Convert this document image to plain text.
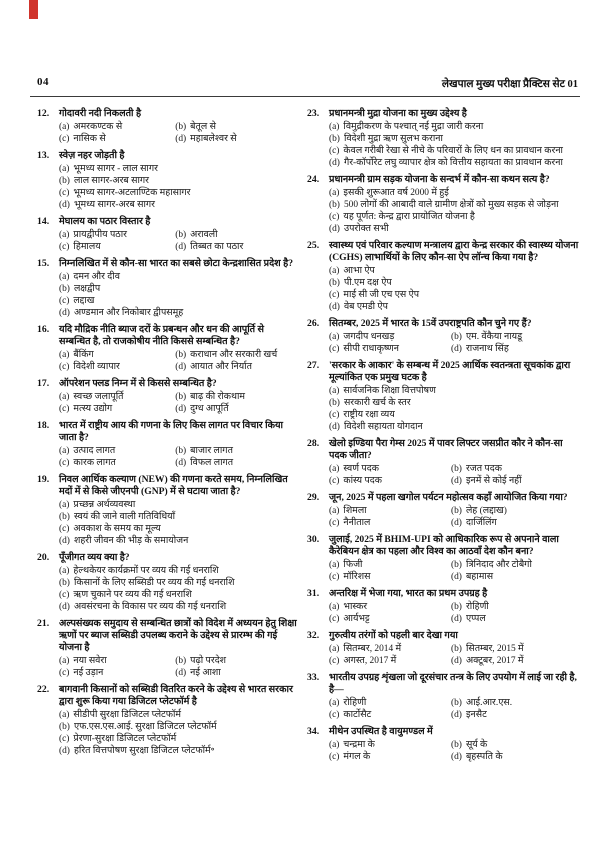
04	लेखपाल मुख्य परीक्षा प्रैक्टिस सेट 01
12.	गोदावरी नदी निकलती है
(a) अमरकण्टक से	(b) बेतूल से
(c) नासिक से	(d) महाबलेश्वर से
13.	स्वेज़ नहर जोड़ती है
(a) भूमध्य सागर - लाल सागर
(b) लाल सागर-अरब सागर
(c) भूमध्य सागर-अटलाण्टिक महासागर
(d) भूमध्य सागर-अरब सागर
14.	मेघालय का पठार विस्तार है
(a) प्रायद्वीपीय पठार	(b) अरावली
(c) हिमालय	(d) तिब्बत का पठार
15.	निम्नलिखित में से कौन-सा भारत का सबसे छोटा केन्द्रशासित प्रदेश है?
(a) दमन और दीव
(b) लक्षद्वीप
(c) लद्दाख
(d) अण्डमान और निकोबार द्वीपसमूह
16.	यदि मौद्रिक नीति ब्याज दरों के प्रबन्धन और धन की आपूर्ति से सम्बन्धित है, तो राजकोषीय नीति किससे सम्बन्धित है?
(a) बैंकिंग	(b) कराधान और सरकारी खर्च
(c) विदेशी व्यापार	(d) आयात और निर्यात
17.	ऑपरेशन फ्लड निम्न में से किससे सम्बन्धित है?
(a) स्वच्छ जलापूर्ति	(b) बाढ़ की रोकथाम
(c) मत्स्य उद्योग	(d) दुग्ध आपूर्ति
18.	भारत में राष्ट्रीय आय की गणना के लिए किस लागत पर विचार किया जाता है?
(a) उत्पाद लागत	(b) बाजार लागत
(c) कारक लागत	(d) विफल लागत
19.	निवल आर्थिक कल्याण (NEW) की गणना करते समय, निम्नलिखित मदों में से किसे जीएनपी (GNP) में से घटाया जाता है?
(a) प्रच्छन्न अर्थव्यवस्था
(b) स्वयं की जाने वाली गतिविधियाँ
(c) अवकाश के समय का मूल्य
(d) शहरी जीवन की भीड़ के समायोजन
20.	पूँजीगत व्यय क्या है?
(a) हेल्थकेयर कार्यक्रमों पर व्यय की गई धनराशि
(b) किसानों के लिए सब्सिडी पर व्यय की गई धनराशि
(c) ऋण चुकाने पर व्यय की गई धनराशि
(d) अवसंरचना के विकास पर व्यय की गई धनराशि
21.	अल्पसंख्यक समुदाय से सम्बन्धित छात्रों को विदेश में अध्ययन हेतु शिक्षा ऋणों पर ब्याज सब्सिडी उपलब्ध कराने के उद्देश्य से प्रारम्भ की गई योजना है
(a) नया सवेरा	(b) पढ़ो परदेश
(c) नई उड़ान	(d) नई आशा
22.	बागवानी किसानों को सब्सिडी वितरित करने के उद्देश्य से भारत सरकार द्वारा शुरू किया गया डिजिटल प्लेटफॉर्म है
(a) सीडीपी सुरक्षा डिजिटल प्लेटफॉर्म
(b) एफ.एस.एस.आई. सुरक्षा डिजिटल प्लेटफॉर्म
(c) प्रेरणा-सुरक्षा डिजिटल प्लेटफॉर्म
(d) हरित वित्तपोषण सुरक्षा डिजिटल प्लेटफॉर्म॰
23.	प्रधानमन्त्री मुद्रा योजना का मुख्य उद्देश्य है
(a) विमुद्रीकरण के पश्चात् नई मुद्रा जारी करना
(b) विदेशी मुद्रा ऋण सुलभ कराना
(c) केवल गरीबी रेखा से नीचे के परिवारों के लिए धन का प्रावधान करना
(d) गैर-कॉर्पोरेट लघु व्यापार क्षेत्र को वित्तीय सहायता का प्रावधान करना
24.	प्रधानमन्त्री ग्राम सड़क योजना के सन्दर्भ में कौन-सा कथन सत्य है?
(a) इसकी शुरूआत वर्ष 2000 में हुई
(b) 500 लोगों की आबादी वाले ग्रामीण क्षेत्रों को मुख्य सड़क से जोड़ना
(c) यह पूर्णत: केन्द्र द्वारा प्रायोजित योजना है
(d) उपरोक्त सभी
25.	स्वास्थ्य एवं परिवार कल्याण मन्त्रालय द्वारा केन्द्र सरकार की स्वास्थ्य योजना (CGHS) लाभार्थियों के लिए कौन-सा ऐप लॉन्च किया गया है?
(a) आभा ऐप
(b) पी.एम दक्ष ऐप
(c) माई सी जी एच एस ऐप
(d) वेब एमडी ऐप
26.	सितम्बर, 2025 में भारत के 15वें उपराष्ट्रपति कौन चुने गए हैं?
(a) जगदीप धनखड़	(b) एम. वेंकैया नायडू
(c) सीपी राधाकृष्णन	(d) राजनाथ सिंह
27.	'सरकार के आकार' के सम्बन्ध में 2025 आर्थिक स्वतन्त्रता सूचकांक द्वारा मूल्यांकित एक प्रमुख घटक है
(a) सार्वजनिक शिक्षा वित्तपोषण
(b) सरकारी खर्च के स्तर
(c) राष्ट्रीय रक्षा व्यय
(d) विदेशी सहायता योगदान
28.	खेलो इण्डिया पैरा गेम्स 2025 में पावर लिफ्टर जसप्रीत कौर ने कौन-सा पदक जीता?
(a) स्वर्ण पदक	(b) रजत पदक
(c) कांस्य पदक	(d) इनमें से कोई नहीं
29.	जून, 2025 में पहला खगोल पर्यटन महोत्सव कहाँ आयोजित किया गया?
(a) शिमला	(b) लेह (लद्दाख)
(c) नैनीताल	(d) दार्जिलिंग
30.	जुलाई, 2025 में BHIM-UPI को आधिकारिक रूप से अपनाने वाला कैरेबियन क्षेत्र का पहला और विश्व का आठवाँ देश कौन बना?
(a) फिजी	(b) त्रिनिदाद और टोबैगो
(c) मॉरिशस	(d) बहामास
31.	अन्तरिक्ष में भेजा गया, भारत का प्रथम उपग्रह है
(a) भास्कर	(b) रोहिणी
(c) आर्यभट्ट	(d) एप्पल
32.	गुरुत्वीय तरंगों को पहली बार देखा गया
(a) सितम्बर, 2014 में	(b) सितम्बर, 2015 में
(c) अगस्त, 2017 में	(d) अक्टूबर, 2017 में
33.	भारतीय उपग्रह शृंखला जो दूरसंचार तन्त्र के लिए उपयोग में लाई जा रही है, है—
(a) रोहिणी	(b) आई.आर.एस.
(c) कार्टोसैट	(d) इनसैट
34.	मीथेन उपस्थित है वायुमण्डल में
(a) चन्द्रमा के	(b) सूर्य के
(c) मंगल के	(d) बृहस्पति के
